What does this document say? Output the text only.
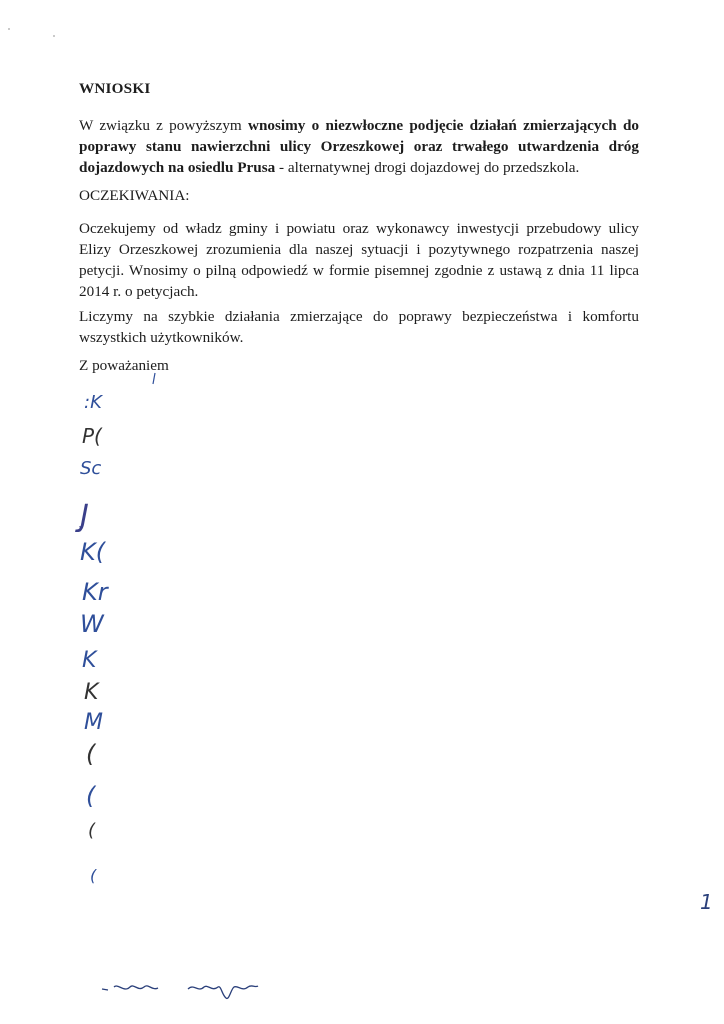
WNIOSKI
W związku z powyższym wnosimy o niezwłoczne podjęcie działań zmierzających do poprawy stanu nawierzchni ulicy Orzeszkowej oraz trwałego utwardzenia dróg dojazdowych na osiedlu Prusa - alternatywnej drogi dojazdowej do przedszkola.
OCZEKIWANIA:
Oczekujemy od władz gminy i powiatu oraz wykonawcy inwestycji przebudowy ulicy Elizy Orzeszkowej zrozumienia dla naszej sytuacji i pozytywnego rozpatrzenia naszej petycji. Wnosimy o pilną odpowiedź w formie pisemnej zgodnie z ustawą z dnia 11 lipca 2014 r. o petycjach.
Liczymy na szybkie działania zmierzające do poprawy bezpieczeństwa i komfortu wszystkich użytkowników.
Z poważaniem
:K
P(
Sc
J̧
K(
Kr
W
K
K
M
(
(
(
(
1
